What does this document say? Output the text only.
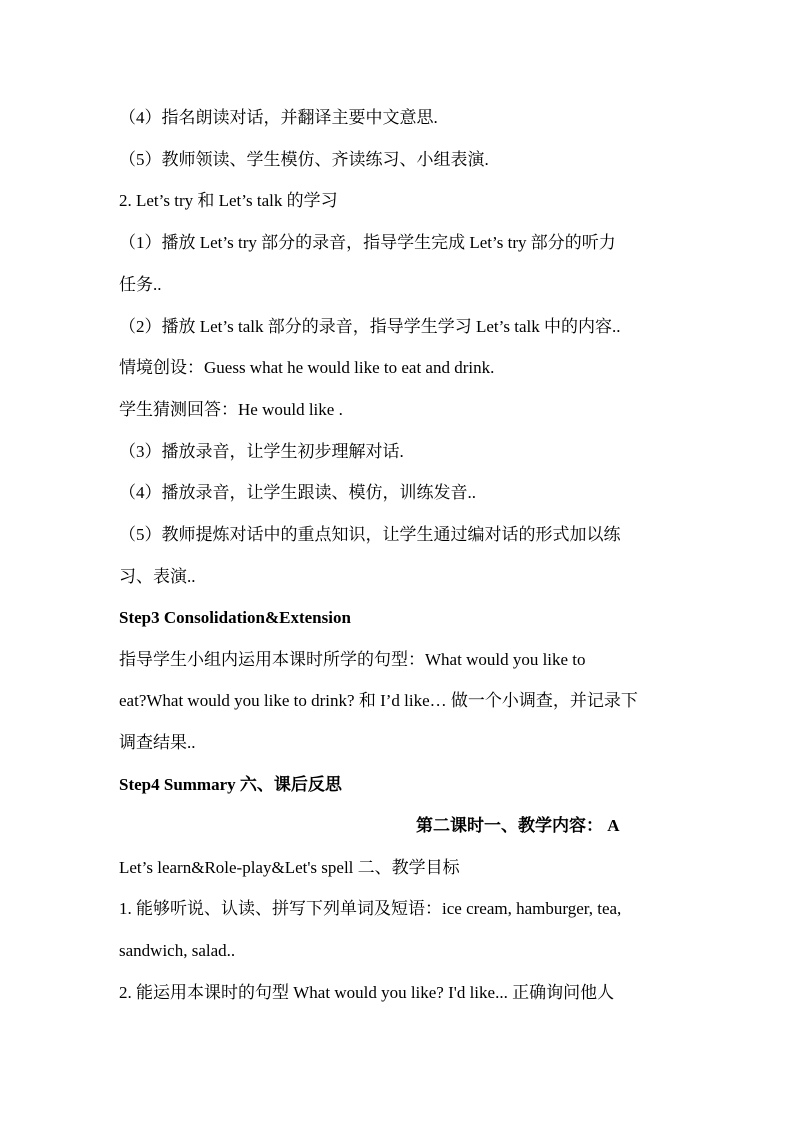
（4）指名朗读对话，并翻译主要中文意思.
（5）教师领读、学生模仿、齐读练习、小组表演.
2. Let’s try 和 Let’s talk 的学习
（1）播放 Let’s try 部分的录音，指导学生完成 Let’s try 部分的听力
任务..
（2）播放 Let’s talk 部分的录音，指导学生学习 Let’s talk 中的内容..
情境创设：Guess what he would like to eat and drink.
学生猜测回答：He would like .
（3）播放录音，让学生初步理解对话.
（4）播放录音，让学生跟读、模仿，训练发音..
（5）教师提炼对话中的重点知识，让学生通过编对话的形式加以练
习、表演..
Step3 Consolidation&Extension
指导学生小组内运用本课时所学的句型：What would you like to
eat?What would you like to drink? 和 I’d like… 做一个小调查，并记录下
调查结果..
Step4 Summary 六、课后反思
第二课时一、教学内容： A
Let’s learn&Role-play&Let's spell 二、教学目标
1. 能够听说、认读、拼写下列单词及短语：ice cream, hamburger, tea,
sandwich, salad..
2. 能运用本课时的句型 What would you like? I'd like... 正确询问他人
